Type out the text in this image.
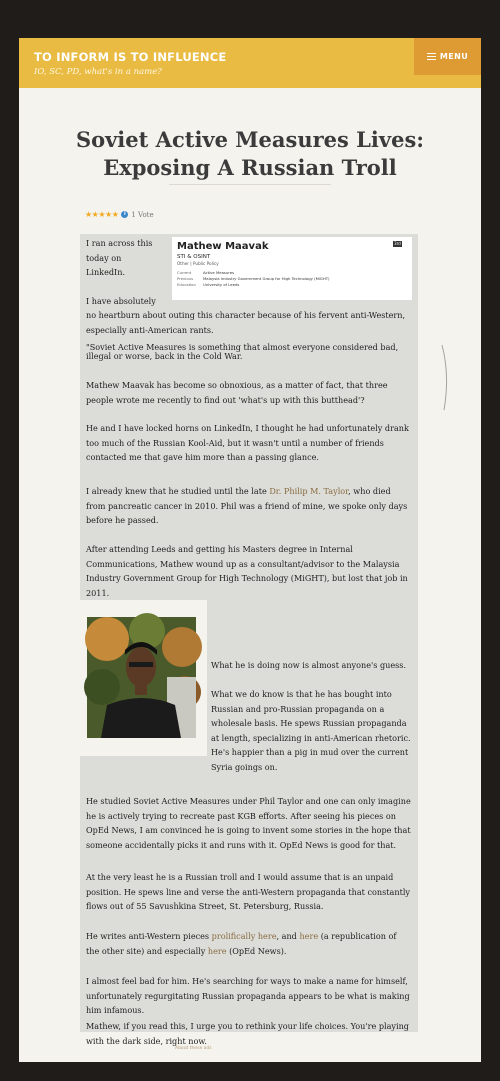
TO INFORM IS TO INFLUENCE
IO, SC, PD, what's in a name?
MENU
Soviet Active Measures Lives:
Exposing A Russian Troll
★★★★★	i 1 Vote

I ran across this
today on
LinkedIn.

Mathew Maavak	3rd
STI & OSINT
Other | Public Policy
Current	Active Measures
Previous	Malaysia Industry Government Group for High Technology (MiGHT)
Education University of Leeds

I have absolutely

no heartburn about outing this character because of his fervent anti-Western, especially anti-American rants.

"Soviet Active Measures is something that almost everyone considered bad,

illegal or worse, back in the Cold War.

Mathew Maavak has become so obnoxious, as a matter of fact, that three people wrote me recently to find out 'what's up with this butthead'?

He and I have locked horns on LinkedIn, I thought he had unfortunately drank too much of the Russian Kool-Aid, but it wasn't until a number of friends contacted me that gave him more than a passing glance.

I already knew that he studied until the late Dr. Philip M. Taylor, who died from pancreatic cancer in 2010. Phil was a friend of mine, we spoke only days before he passed.

After attending Leeds and getting his Masters degree in Internal Communications, Mathew wound up as a consultant/advisor to the Malaysia Industry Government Group for High Technology (MiGHT), but lost that job in 2011.

What he is doing now is almost anyone's guess.

What we do know is that he has bought into Russian and pro-Russian propaganda on a wholesale basis. He spews Russian propaganda at length, specializing in anti-American rhetoric. He's happier than a pig in mud over the current Syria goings on.

He studied Soviet Active Measures under Phil Taylor and one can only imagine he is actively trying to recreate past KGB efforts. After seeing his pieces on OpEd News, I am convinced he is going to invent some stories in the hope that someone accidentally picks it and runs with it. OpEd News is good for that.

At the very least he is a Russian troll and I would assume that is an unpaid position. He spews line and verse the anti-Western propaganda that constantly flows out of 55 Savushkina Street, St. Petersburg, Russia.

He writes anti-Western pieces prolifically here, and here (a republication of the other site) and especially here (OpEd News).

I almost feel bad for him. He's searching for ways to make a name for himself, unfortunately regurgitating Russian propaganda appears to be what is making him infamous.

Mathew, if you read this, I urge you to rethink your life choices. You're playing with the dark side, right now.

About these ads
